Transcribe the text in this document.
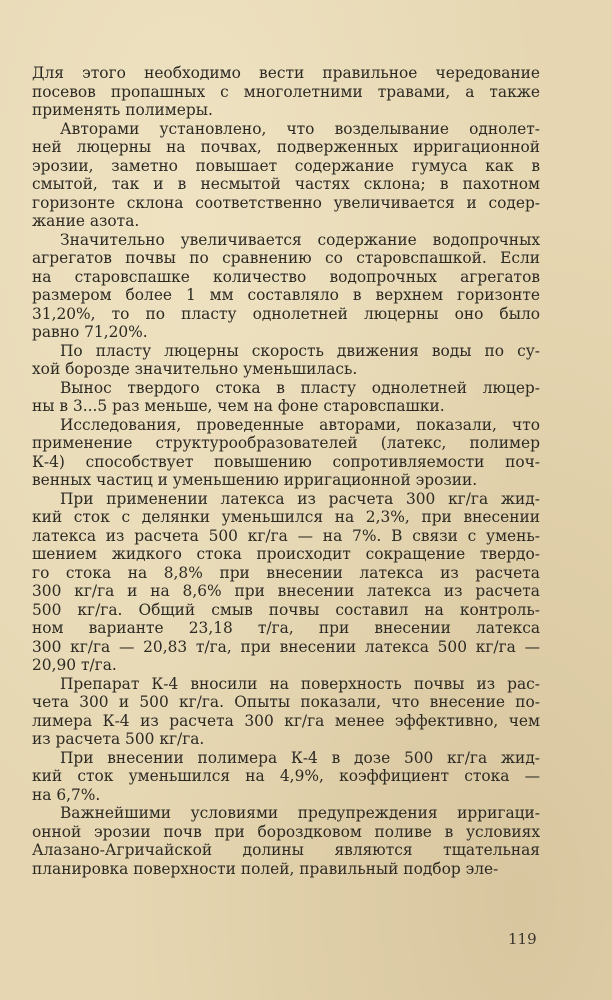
Для этого необходимо вести правильное чередование
посевов пропашных с многолетними травами, а также
применять полимеры.

Авторами установлено, что возделывание однолет-
ней люцерны на почвах, подверженных ирригационной
эрозии, заметно повышает содержание гумуса как в
смытой, так и в несмытой частях склона; в пахотном
горизонте склона соответственно увеличивается и содер-
жание азота.

Значительно увеличивается содержание водопрочных
агрегатов почвы по сравнению со старовспашкой. Если
на старовспашке количество водопрочных агрегатов
размером более 1 мм составляло в верхнем горизонте
31,20%, то по пласту однолетней люцерны оно было
равно 71,20%.

По пласту люцерны скорость движения воды по су-
хой борозде значительно уменьшилась.

Вынос твердого стока в пласту однолетней люцер-
ны в 3...5 раз меньше, чем на фоне старовспашки.

Исследования, проведенные авторами, показали, что
применение структурообразователей (латекс, полимер
К-4) способствует повышению сопротивляемости поч-
венных частиц и уменьшению ирригационной эрозии.

При применении латекса из расчета 300 кг/га жид-
кий сток с делянки уменьшился на 2,3%, при внесении
латекса из расчета 500 кг/га — на 7%. В связи с умень-
шением жидкого стока происходит сокращение твердо-
го стока на 8,8% при внесении латекса из расчета
300 кг/га и на 8,6% при внесении латекса из расчета
500 кг/га. Общий смыв почвы составил на контроль-
ном варианте 23,18 т/га, при внесении латекса
300 кг/га — 20,83 т/га, при внесении латекса 500 кг/га —
20,90 т/га.

Препарат К-4 вносили на поверхность почвы из рас-
чета 300 и 500 кг/га. Опыты показали, что внесение по-
лимера К-4 из расчета 300 кг/га менее эффективно, чем
из расчета 500 кг/га.

При внесении полимера К-4 в дозе 500 кг/га жид-
кий сток уменьшился на 4,9%, коэффициент стока —
на 6,7%.

Важнейшими условиями предупреждения ирригаци-
онной эрозии почв при бороздковом поливе в условиях
Алазано-Агричайской долины являются тщательная
планировка поверхности полей, правильный подбор эле-

119
